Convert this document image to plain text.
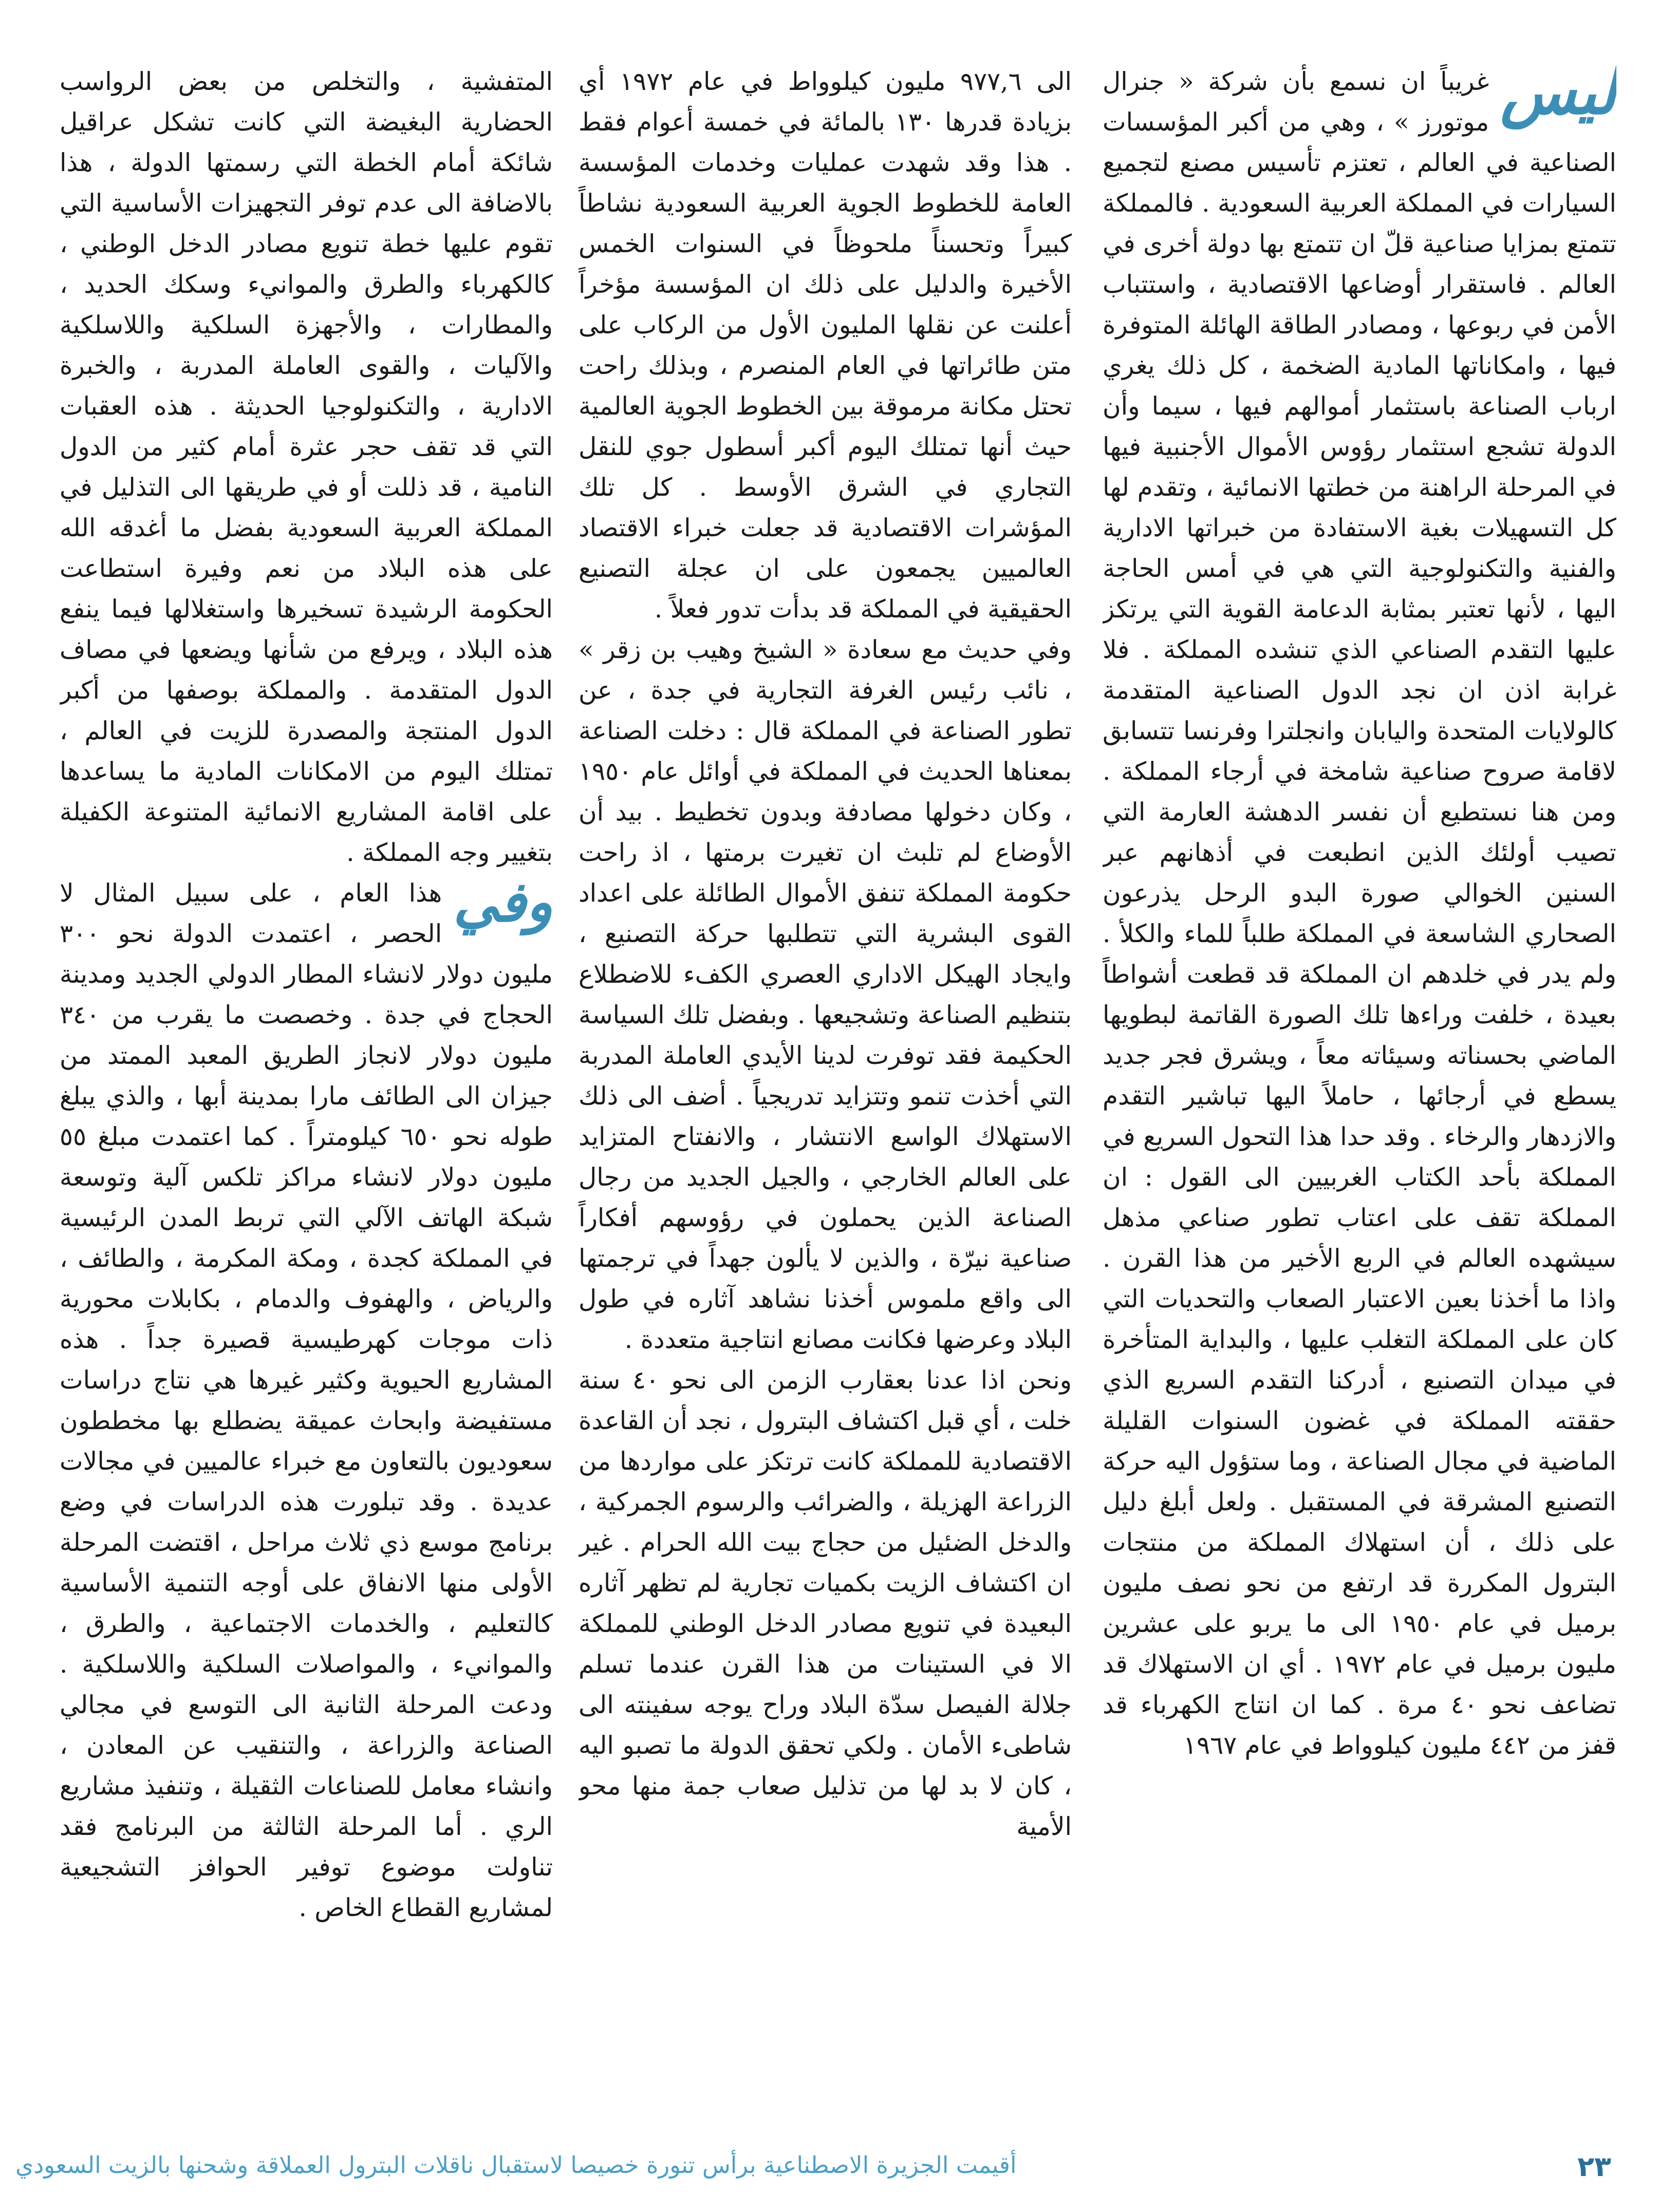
ليس
غريباً ان نسمع بأن شركة « جنرال موتورز » ، وهي من أكبر المؤسسات الصناعية في العالم ، تعتزم تأسيس مصنع لتجميع السيارات في المملكة العربية السعودية . فالمملكة تتمتع بمزايا صناعية قلّ ان تتمتع بها دولة أخرى في العالم . فاستقرار أوضاعها الاقتصادية ، واستتباب الأمن في ربوعها ، ومصادر الطاقة الهائلة المتوفرة فيها ، وامكاناتها المادية الضخمة ، كل ذلك يغري ارباب الصناعة باستثمار أموالهم فيها ، سيما وأن الدولة تشجع استثمار رؤوس الأموال الأجنبية فيها في المرحلة الراهنة من خطتها الانمائية ، وتقدم لها كل التسهيلات بغية الاستفادة من خبراتها الادارية والفنية والتكنولوجية التي هي في أمس الحاجة اليها ، لأنها تعتبر بمثابة الدعامة القوية التي يرتكز عليها التقدم الصناعي الذي تنشده المملكة . فلا غرابة اذن ان نجد الدول الصناعية المتقدمة كالولايات المتحدة واليابان وانجلترا وفرنسا تتسابق لاقامة صروح صناعية شامخة في أرجاء المملكة . ومن هنا نستطيع أن نفسر الدهشة العارمة التي تصيب أولئك الذين انطبعت في أذهانهم عبر السنين الخوالي صورة البدو الرحل يذرعون الصحاري الشاسعة في المملكة طلباً للماء والكلأ . ولم يدر في خلدهم ان المملكة قد قطعت أشواطاً بعيدة ، خلفت وراءها تلك الصورة القاتمة لبطويها الماضي بحسناته وسيئاته معاً ، ويشرق فجر جديد يسطع في أرجائها ، حاملاً اليها تباشير التقدم والازدهار والرخاء . وقد حدا هذا التحول السريع في المملكة بأحد الكتاب الغربيين الى القول : ان المملكة تقف على اعتاب تطور صناعي مذهل سيشهده العالم في الربع الأخير من هذا القرن . واذا ما أخذنا بعين الاعتبار الصعاب والتحديات التي كان على المملكة التغلب عليها ، والبداية المتأخرة في ميدان التصنيع ، أدركنا التقدم السريع الذي حققته المملكة في غضون السنوات القليلة الماضية في مجال الصناعة ، وما ستؤول اليه حركة التصنيع المشرقة في المستقبل . ولعل أبلغ دليل على ذلك ، أن استهلاك المملكة من منتجات البترول المكررة قد ارتفع من نحو نصف مليون برميل في عام ١٩٥٠ الى ما يربو على عشرين مليون برميل في عام ١٩٧٢ . أي ان الاستهلاك قد تضاعف نحو ٤٠ مرة . كما ان انتاج الكهرباء قد قفز من ٤٤٢ مليون كيلوواط في عام ١٩٦٧
الى ٩٧٧,٦ مليون كيلوواط في عام ١٩٧٢ أي بزيادة قدرها ١٣٠ بالمائة في خمسة أعوام فقط . هذا وقد شهدت عمليات وخدمات المؤسسة العامة للخطوط الجوية العربية السعودية نشاطاً كبيراً وتحسناً ملحوظاً في السنوات الخمس الأخيرة والدليل على ذلك ان المؤسسة مؤخراً أعلنت عن نقلها المليون الأول من الركاب على متن طائراتها في العام المنصرم ، وبذلك راحت تحتل مكانة مرموقة بين الخطوط الجوية العالمية حيث أنها تمتلك اليوم أكبر أسطول جوي للنقل التجاري في الشرق الأوسط . كل تلك المؤشرات الاقتصادية قد جعلت خبراء الاقتصاد العالميين يجمعون على ان عجلة التصنيع الحقيقية في المملكة قد بدأت تدور فعلاً .
وفي حديث مع سعادة « الشيخ وهيب بن زقر » ، نائب رئيس الغرفة التجارية في جدة ، عن تطور الصناعة في المملكة قال : دخلت الصناعة بمعناها الحديث في المملكة في أوائل عام ١٩٥٠ ، وكان دخولها مصادفة وبدون تخطيط . بيد أن الأوضاع لم تلبث ان تغيرت برمتها ، اذ راحت حكومة المملكة تنفق الأموال الطائلة على اعداد القوى البشرية التي تتطلبها حركة التصنيع ، وايجاد الهيكل الاداري العصري الكفء للاضطلاع بتنظيم الصناعة وتشجيعها . وبفضل تلك السياسة الحكيمة فقد توفرت لدينا الأيدي العاملة المدربة التي أخذت تنمو وتتزايد تدريجياً . أضف الى ذلك الاستهلاك الواسع الانتشار ، والانفتاح المتزايد على العالم الخارجي ، والجيل الجديد من رجال الصناعة الذين يحملون في رؤوسهم أفكاراً صناعية نيرّة ، والذين لا يألون جهداً في ترجمتها الى واقع ملموس أخذنا نشاهد آثاره في طول البلاد وعرضها فكانت مصانع انتاجية متعددة .
ونحن اذا عدنا بعقارب الزمن الى نحو ٤٠ سنة خلت ، أي قبل اكتشاف البترول ، نجد أن القاعدة الاقتصادية للمملكة كانت ترتكز على مواردها من الزراعة الهزيلة ، والضرائب والرسوم الجمركية ، والدخل الضئيل من حجاج بيت الله الحرام . غير ان اكتشاف الزيت بكميات تجارية لم تظهر آثاره البعيدة في تنويع مصادر الدخل الوطني للمملكة الا في الستينات من هذا القرن عندما تسلم جلالة الفيصل سدّة البلاد وراح يوجه سفينته الى شاطىء الأمان . ولكي تحقق الدولة ما تصبو اليه ، كان لا بد لها من تذليل صعاب جمة منها محو الأمية
المتفشية ، والتخلص من بعض الرواسب الحضارية البغيضة التي كانت تشكل عراقيل شائكة أمام الخطة التي رسمتها الدولة ، هذا بالاضافة الى عدم توفر التجهيزات الأساسية التي تقوم عليها خطة تنويع مصادر الدخل الوطني ، كالكهرباء والطرق والموانيء وسكك الحديد ، والمطارات ، والأجهزة السلكية واللاسلكية والآليات ، والقوى العاملة المدربة ، والخبرة الادارية ، والتكنولوجيا الحديثة . هذه العقبات التي قد تقف حجر عثرة أمام كثير من الدول النامية ، قد ذللت أو في طريقها الى التذليل في المملكة العربية السعودية بفضل ما أغدقه الله على هذه البلاد من نعم وفيرة استطاعت الحكومة الرشيدة تسخيرها واستغلالها فيما ينفع هذه البلاد ، ويرفع من شأنها ويضعها في مصاف الدول المتقدمة . والمملكة بوصفها من أكبر الدول المنتجة والمصدرة للزيت في العالم ، تمتلك اليوم من الامكانات المادية ما يساعدها على اقامة المشاريع الانمائية المتنوعة الكفيلة بتغيير وجه المملكة .
وفي
هذا العام ، على سبيل المثال لا الحصر ، اعتمدت الدولة نحو ٣٠٠ مليون دولار لانشاء المطار الدولي الجديد ومدينة الحجاج في جدة . وخصصت ما يقرب من ٣٤٠ مليون دولار لانجاز الطريق المعبد الممتد من جيزان الى الطائف مارا بمدينة أبها ، والذي يبلغ طوله نحو ٦٥٠ كيلومتراً . كما اعتمدت مبلغ ٥٥ مليون دولار لانشاء مراكز تلكس آلية وتوسعة شبكة الهاتف الآلي التي تربط المدن الرئيسية في المملكة كجدة ، ومكة المكرمة ، والطائف ، والرياض ، والهفوف والدمام ، بكابلات محورية ذات موجات كهرطيسية قصيرة جداً . هذه المشاريع الحيوية وكثير غيرها هي نتاج دراسات مستفيضة وابحاث عميقة يضطلع بها مخططون سعوديون بالتعاون مع خبراء عالميين في مجالات عديدة . وقد تبلورت هذه الدراسات في وضع برنامج موسع ذي ثلاث مراحل ، اقتضت المرحلة الأولى منها الانفاق على أوجه التنمية الأساسية كالتعليم ، والخدمات الاجتماعية ، والطرق ، والموانيء ، والمواصلات السلكية واللاسلكية . ودعت المرحلة الثانية الى التوسع في مجالي الصناعة والزراعة ، والتنقيب عن المعادن ، وانشاء معامل للصناعات الثقيلة ، وتنفيذ مشاريع الري . أما المرحلة الثالثة من البرنامج فقد تناولت موضوع توفير الحوافز التشجيعية لمشاريع القطاع الخاص .
٢٣
أقيمت الجزيرة الاصطناعية برأس تنورة خصيصا لاستقبال ناقلات البترول العملاقة وشحنها بالزيت السعودي
